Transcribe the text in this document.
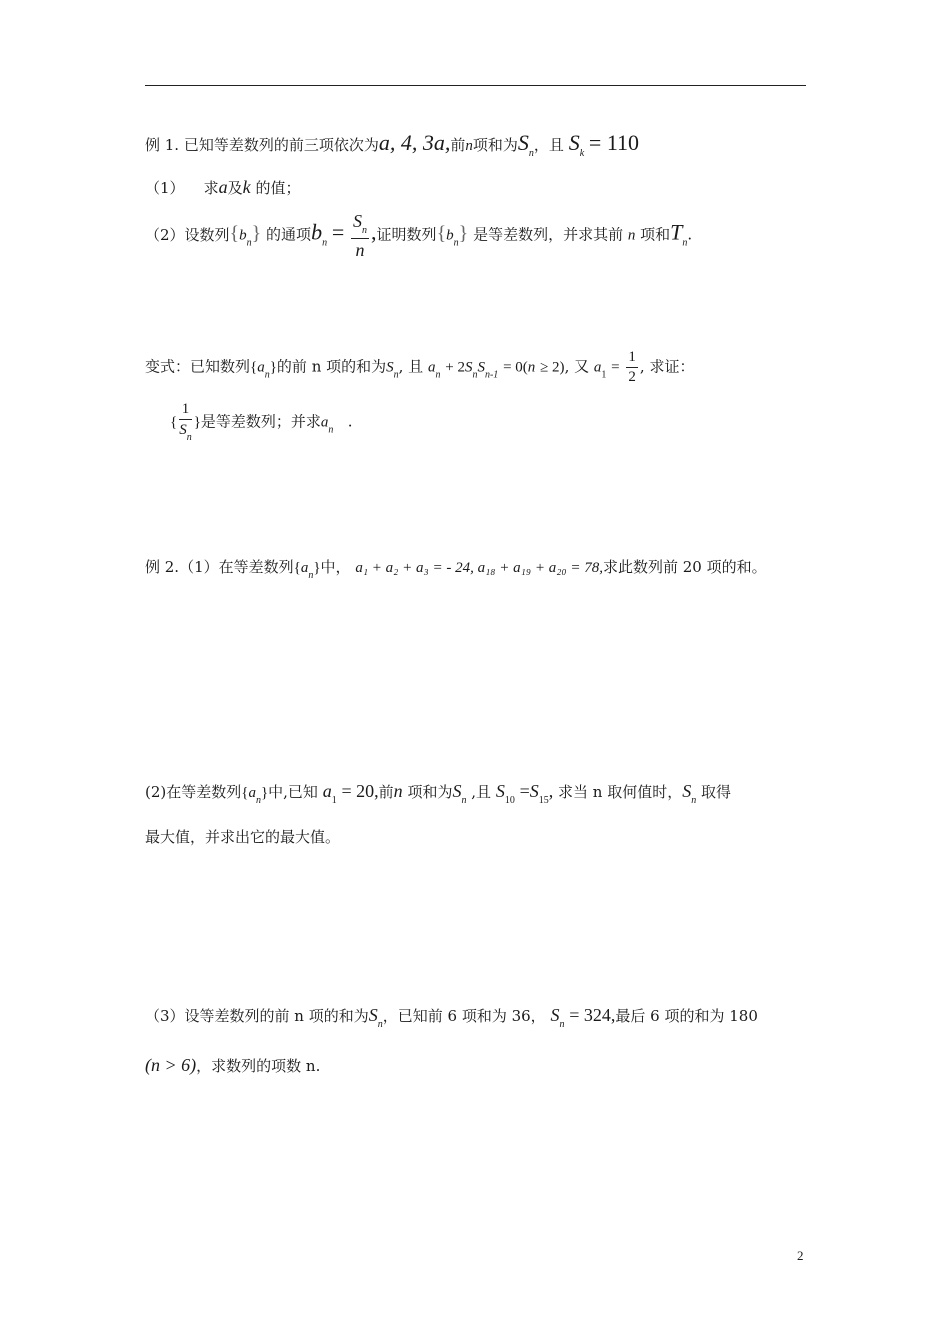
例 1. 已知等差数列的前三项依次为a, 4, 3a,前n项和为$S_n$，且 $S_k = 110$
（1） 求a及k 的值；
（2）设数列$\{b_n\}$ 的通项$b_n = \frac{S_n}{n}$ ,证明数列$\{b_n\}$ 是等差数列，并求其前 n 项和$T_n$.
变式：已知数列$\{a_n\}$的前 n 项的和为$S_n$, 且 $a_n + 2S_nS_{n-1} = 0(n \ge 2)$, 又 $a_1 = \frac{1}{2}$ , 求证：
{ $\frac{1}{S_n}$ }是等差数列；并求$a_n$ .
例 2.（1）在等差数列$\{a_n\}$中， a₁ + a₂ + a₃ = - 24, a₁₈ + a₁₉ + a₂₀ = 78,求此数列前 20 项的和。
(2)在等差数列$\{a_n\}$中,已知 $a_1 = 20$,前n 项和为$S_n$ ,且 $S_{10} =S_{15}$, 求当 n 取何值时，$S_n$ 取得
最大值，并求出它的最大值。
（3）设等差数列的前 n 项的和为$S_n$，已知前 6 项和为 36， $S_n = 324$,最后 6 项的和为 180
(n > 6)，求数列的项数 n.
2
